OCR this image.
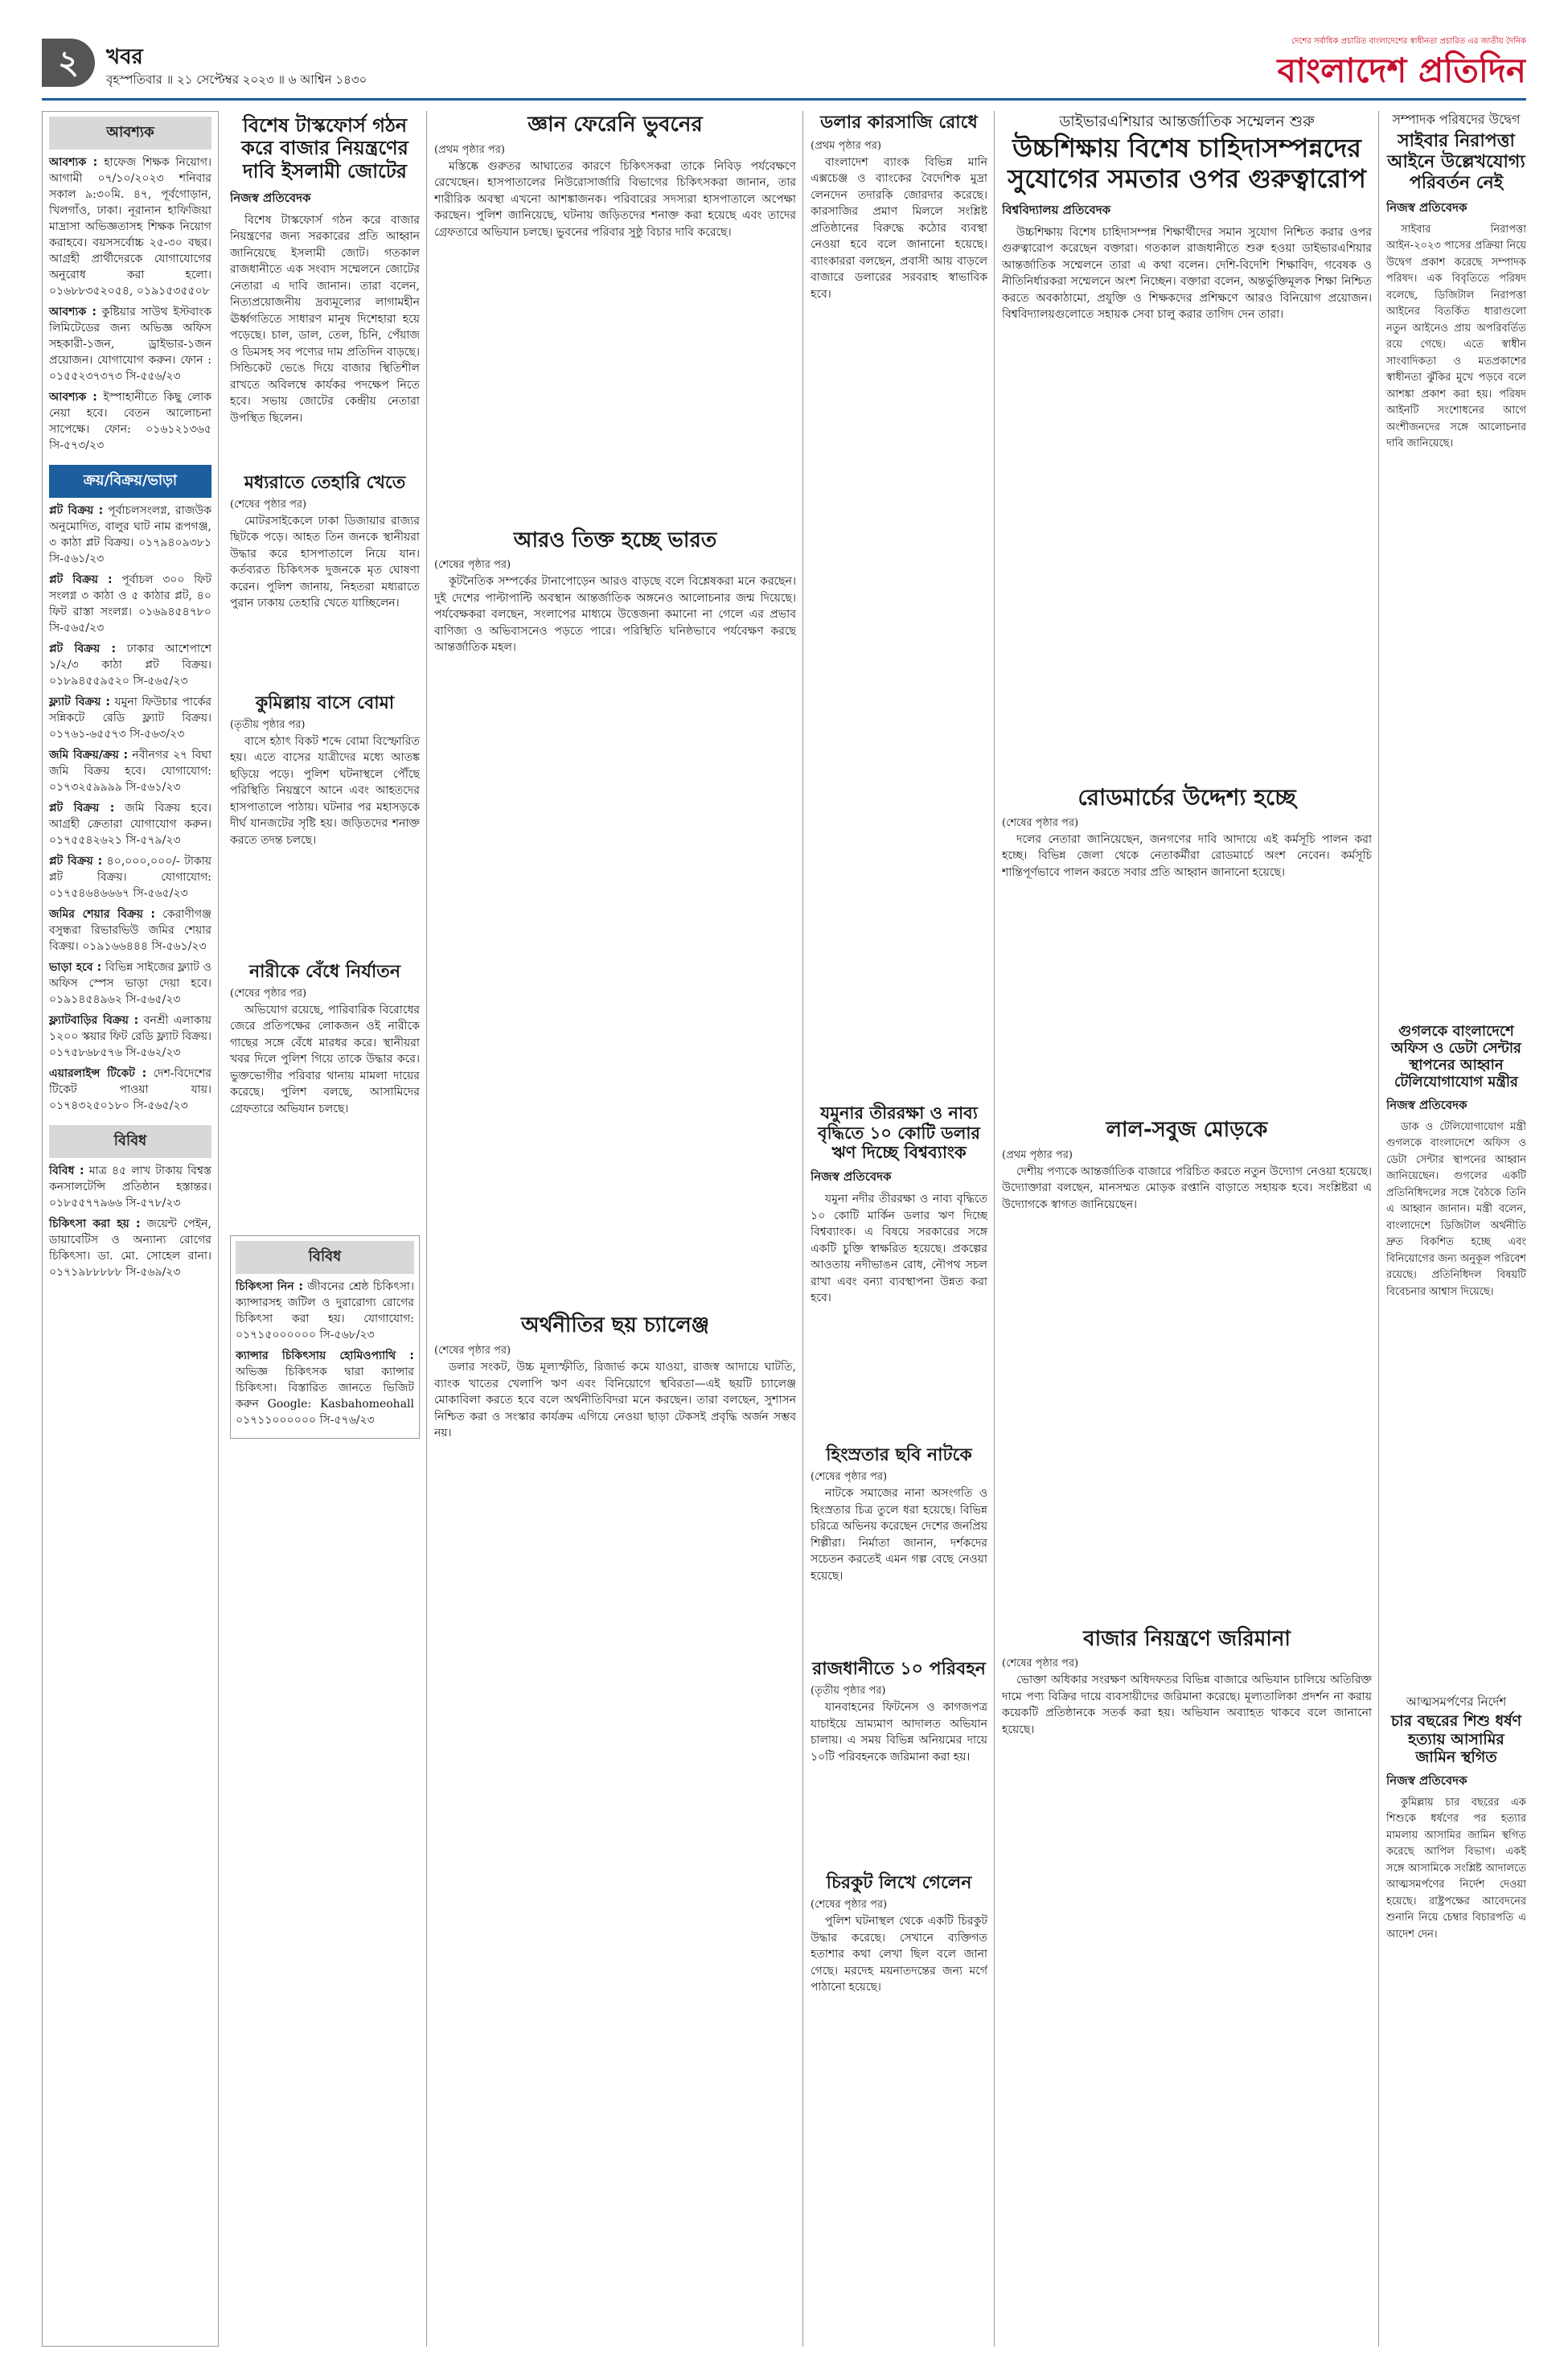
২	খবর
বৃহস্পতিবার ॥ ২১ সেপ্টেম্বর ২০২৩ ॥ ৬ আশ্বিন ১৪৩০
দেশের সর্বাধিক প্রচারিত বাংলাদেশের স্বাধীনতা প্রচারিত এর জাতীয় দৈনিক
বাংলাদেশ প্রতিদিন
আবশ্যক

আবশ্যক : হাফেজ শিক্ষক নিয়োগ। আগামী ০৭/১০/২০২৩ শনিবার সকাল ৯:৩০মি. ৪৭, পূর্বগোড়ান, খিলগাঁও, ঢাকা। নূরানান হাফিজিয়া মাদ্রাসা অভিজ্ঞতাসহ শিক্ষক নিয়োগ করাহবে। বয়সসর্বোচ্চ ২৫-৩০ বছর। আগ্রহী প্রার্থীদেরকে যোগাযোগের অনুরোধ করা হলো। ০১৬৮৮৩৫২০৫৪, ০১৯১৫৩৫৫০৮

আবশ্যক : কুষ্টিয়ার সাউথ ইস্টবাংক লিমিটেডের জন্য অভিজ্ঞ অফিস সহকারী-১জন, ড্রাইভার-১জন প্রয়োজন। যোগাযোগ করুন। ফোন : ০১৫৫২৩৭৩৭৩ সি-৫৫৬/২৩

আবশ্যক : ইস্পাহানীতে কিছু লোক নেয়া হবে। বেতন আলোচনা সাপেক্ষে। ফোন: ০১৬১২১৩৬৫ সি-৫৭৩/২৩

ক্রয়/বিক্রয়/ভাড়া

প্লট বিক্রয় : পূর্বাচলসংলগ্ন, রাজউক অনুমোদিত, বালুর ঘাট নাম রূপগঞ্জ, ৩ কাঠা প্লট বিক্রয়। ০১৭৯৪০৯৩৮১ সি-৫৬১/২৩

প্লট বিক্রয় : পূর্বাচল ৩০০ ফিট সংলগ্ন ৩ কাঠা ও ৫ কাঠার প্লট, ৪০ ফিট রাস্তা সংলগ্ন। ০১৬৯৪৫৪৭৮০ সি-৫৬৫/২৩

প্লট বিক্রয় : ঢাকার আশেপাশে ১/২/৩ কাঠা প্লট বিক্রয়। ০১৮৯৪৫৫৯৫২০ সি-৫৬৫/২৩

ফ্ল্যাট বিক্রয় : যমুনা ফিউচার পার্কের সন্নিকটে রেডি ফ্ল্যাট বিক্রয়। ০১৭৬১-৬৫৫৭৩ সি-৫৬৩/২৩

জমি বিক্রয়/ক্রয় : নবীনগর ২৭ বিঘা জমি বিক্রয় হবে। যোগাযোগ: ০১৭৩২৫৯৯৯৯ সি-৫৬১/২৩

প্লট বিক্রয় : জমি বিক্রয় হবে। আগ্রহী ক্রেতারা যোগাযোগ করুন। ০১৭৫৫৪২৬২১ সি-৫৭৯/২৩

প্লট বিক্রয় : ৪০,০০০,০০০/- টাকায় প্লট বিক্রয়। যোগাযোগ: ০১৭৫৪৬৪৬৬৬৭ সি-৫৬৫/২৩

জমির শেয়ার বিক্রয় : কেরাণীগঞ্জ বসুন্ধরা রিভারভিউ জমির শেয়ার বিক্রয়। ০১৯১৬৬৪৪৪ সি-৫৬১/২৩

ভাড়া হবে : বিভিন্ন সাইজের ফ্ল্যাট ও অফিস স্পেস ভাড়া দেয়া হবে। ০১৯১৪৫৪৯৬২ সি-৫৬৫/২৩

ফ্ল্যাটবাড়ির বিক্রয় : বনশ্রী এলাকায় ১২০০ স্কয়ার ফিট রেডি ফ্ল্যাট বিক্রয়। ০১৭৫৮৬৮৫৭৬ সি-৫৬২/২৩

এয়ারলাইন্স টিকেট : দেশ-বিদেশের টিকেট পাওয়া যায়। ০১৭৪৩২৫০১৮০ সি-৫৬৫/২৩

বিবিধ

বিবিধ : মাত্র ৪৫ লাখ টাকায় বিশ্বস্ত কনসালটেন্সি প্রতিষ্ঠান হস্তান্তর। ০১৮৫৫৭৭৯৬৬ সি-৫৭৮/২৩

চিকিৎসা করা হয় : জয়েন্ট পেইন, ডায়াবেটিস ও অন্যান্য রোগের চিকিৎসা। ডা. মো. সোহেল রানা। ০১৭১৯৮৮৮৮৮ সি-৫৬৯/২৩

বিশেষ টাস্কফোর্স গঠন করে বাজার নিয়ন্ত্রণের দাবি ইসলামী জোটের
নিজস্ব প্রতিবেদক

বিশেষ টাস্কফোর্স গঠন করে বাজার নিয়ন্ত্রণের জন্য সরকারের প্রতি আহ্বান জানিয়েছে ইসলামী জোট। গতকাল রাজধানীতে এক সংবাদ সম্মেলনে জোটের নেতারা এ দাবি জানান। তারা বলেন, নিত্যপ্রয়োজনীয় দ্রব্যমূল্যের লাগামহীন ঊর্ধ্বগতিতে সাধারণ মানুষ দিশেহারা হয়ে পড়েছে। চাল, ডাল, তেল, চিনি, পেঁয়াজ ও ডিমসহ সব পণ্যের দাম প্রতিদিন বাড়ছে। সিন্ডিকেট ভেঙে দিয়ে বাজার স্থিতিশীল রাখতে অবিলম্বে কার্যকর পদক্ষেপ নিতে হবে। সভায় জোটের কেন্দ্রীয় নেতারা উপস্থিত ছিলেন।

মধ্যরাতে তেহারি খেতে
(শেষের পৃষ্ঠার পর)

মোটরসাইকেলে ঢাকা ডিজায়ার রাজ্যর ছিটকে পড়ে। আহত তিন জনকে স্থানীয়রা উদ্ধার করে হাসপাতালে নিয়ে যান। কর্তব্যরত চিকিৎসক দুজনকে মৃত ঘোষণা করেন। পুলিশ জানায়, নিহতরা মধ্যরাতে পুরান ঢাকায় তেহারি খেতে যাচ্ছিলেন।

কুমিল্লায় বাসে বোমা
(তৃতীয় পৃষ্ঠার পর)

বাসে হঠাৎ বিকট শব্দে বোমা বিস্ফোরিত হয়। এতে বাসের যাত্রীদের মধ্যে আতঙ্ক ছড়িয়ে পড়ে। পুলিশ ঘটনাস্থলে পৌঁছে পরিস্থিতি নিয়ন্ত্রণে আনে এবং আহতদের হাসপাতালে পাঠায়। ঘটনার পর মহাসড়কে দীর্ঘ যানজটের সৃষ্টি হয়। জড়িতদের শনাক্ত করতে তদন্ত চলছে।

নারীকে বেঁধে নির্যাতন
(শেষের পৃষ্ঠার পর)

অভিযোগ রয়েছে, পারিবারিক বিরোধের জেরে প্রতিপক্ষের লোকজন ওই নারীকে গাছের সঙ্গে বেঁধে মারধর করে। স্থানীয়রা খবর দিলে পুলিশ গিয়ে তাকে উদ্ধার করে। ভুক্তভোগীর পরিবার থানায় মামলা দায়ের করেছে। পুলিশ বলছে, আসামিদের গ্রেফতারে অভিযান চলছে।

বিবিধ

চিকিৎসা নিন : জীবনের শ্রেষ্ঠ চিকিৎসা। ক্যান্সারসহ জটিল ও দুরারোগ্য রোগের চিকিৎসা করা হয়। যোগাযোগ: ০১৭১৫০০০০০০ সি-৫৬৮/২৩

ক্যান্সার চিকিৎসায় হোমিওপ্যাথি : অভিজ্ঞ চিকিৎসক দ্বারা ক্যান্সার চিকিৎসা। বিস্তারিত জানতে ভিজিট করুন Google: Kasbahomeohall ০১৭১১০০০০০০ সি-৫৭৬/২৩

জ্ঞান ফেরেনি ভুবনের
(প্রথম পৃষ্ঠার পর)

মস্তিষ্কে গুরুতর আঘাতের কারণে চিকিৎসকরা তাকে নিবিড় পর্যবেক্ষণে রেখেছেন। হাসপাতালের নিউরোসার্জারি বিভাগের চিকিৎসকরা জানান, তার শারীরিক অবস্থা এখনো আশঙ্কাজনক। পরিবারের সদস্যরা হাসপাতালে অপেক্ষা করছেন। পুলিশ জানিয়েছে, ঘটনায় জড়িতদের শনাক্ত করা হয়েছে এবং তাদের গ্রেফতারে অভিযান চলছে। ভুবনের পরিবার সুষ্ঠু বিচার দাবি করেছে।

আরও তিক্ত হচ্ছে ভারত
(শেষের পৃষ্ঠার পর)

কূটনৈতিক সম্পর্কের টানাপোড়েন আরও বাড়ছে বলে বিশ্লেষকরা মনে করছেন। দুই দেশের পাল্টাপাল্টি অবস্থান আন্তর্জাতিক অঙ্গনেও আলোচনার জন্ম দিয়েছে। পর্যবেক্ষকরা বলছেন, সংলাপের মাধ্যমে উত্তেজনা কমানো না গেলে এর প্রভাব বাণিজ্য ও অভিবাসনেও পড়তে পারে। পরিস্থিতি ঘনিষ্ঠভাবে পর্যবেক্ষণ করছে আন্তর্জাতিক মহল।

অর্থনীতির ছয় চ্যালেঞ্জ
(শেষের পৃষ্ঠার পর)

ডলার সংকট, উচ্চ মূল্যস্ফীতি, রিজার্ভ কমে যাওয়া, রাজস্ব আদায়ে ঘাটতি, ব্যাংক খাতের খেলাপি ঋণ এবং বিনিয়োগে স্থবিরতা—এই ছয়টি চ্যালেঞ্জ মোকাবিলা করতে হবে বলে অর্থনীতিবিদরা মনে করছেন। তারা বলছেন, সুশাসন নিশ্চিত করা ও সংস্কার কার্যক্রম এগিয়ে নেওয়া ছাড়া টেকসই প্রবৃদ্ধি অর্জন সম্ভব নয়।

ডলার কারসাজি রোধে
(প্রথম পৃষ্ঠার পর)

বাংলাদেশ ব্যাংক বিভিন্ন মানি এক্সচেঞ্জ ও ব্যাংকের বৈদেশিক মুদ্রা লেনদেন তদারকি জোরদার করেছে। কারসাজির প্রমাণ মিললে সংশ্লিষ্ট প্রতিষ্ঠানের বিরুদ্ধে কঠোর ব্যবস্থা নেওয়া হবে বলে জানানো হয়েছে। ব্যাংকাররা বলছেন, প্রবাসী আয় বাড়লে বাজারে ডলারের সরবরাহ স্বাভাবিক হবে।

যমুনার তীররক্ষা ও নাব্য বৃদ্ধিতে ১০ কোটি ডলার ঋণ দিচ্ছে বিশ্বব্যাংক
নিজস্ব প্রতিবেদক

যমুনা নদীর তীররক্ষা ও নাব্য বৃদ্ধিতে ১০ কোটি মার্কিন ডলার ঋণ দিচ্ছে বিশ্বব্যাংক। এ বিষয়ে সরকারের সঙ্গে একটি চুক্তি স্বাক্ষরিত হয়েছে। প্রকল্পের আওতায় নদীভাঙন রোধ, নৌপথ সচল রাখা এবং বন্যা ব্যবস্থাপনা উন্নত করা হবে।

হিংস্রতার ছবি নাটকে
(শেষের পৃষ্ঠার পর)

নাটকে সমাজের নানা অসংগতি ও হিংস্রতার চিত্র তুলে ধরা হয়েছে। বিভিন্ন চরিত্রে অভিনয় করেছেন দেশের জনপ্রিয় শিল্পীরা। নির্মাতা জানান, দর্শকদের সচেতন করতেই এমন গল্প বেছে নেওয়া হয়েছে।

রাজধানীতে ১০ পরিবহন
(তৃতীয় পৃষ্ঠার পর)

যানবাহনের ফিটনেস ও কাগজপত্র যাচাইয়ে ভ্রাম্যমাণ আদালত অভিযান চালায়। এ সময় বিভিন্ন অনিয়মের দায়ে ১০টি পরিবহনকে জরিমানা করা হয়।

চিরকুট লিখে গেলেন
(শেষের পৃষ্ঠার পর)

পুলিশ ঘটনাস্থল থেকে একটি চিরকুট উদ্ধার করেছে। সেখানে ব্যক্তিগত হতাশার কথা লেখা ছিল বলে জানা গেছে। মরদেহ ময়নাতদন্তের জন্য মর্গে পাঠানো হয়েছে।

ডাইভারএশিয়ার আন্তর্জাতিক সম্মেলন শুরু
উচ্চশিক্ষায় বিশেষ চাহিদাসম্পন্নদের সুযোগের সমতার ওপর গুরুত্বারোপ
বিশ্ববিদ্যালয় প্রতিবেদক

উচ্চশিক্ষায় বিশেষ চাহিদাসম্পন্ন শিক্ষার্থীদের সমান সুযোগ নিশ্চিত করার ওপর গুরুত্বারোপ করেছেন বক্তারা। গতকাল রাজধানীতে শুরু হওয়া ডাইভারএশিয়ার আন্তর্জাতিক সম্মেলনে তারা এ কথা বলেন। দেশি-বিদেশি শিক্ষাবিদ, গবেষক ও নীতিনির্ধারকরা সম্মেলনে অংশ নিচ্ছেন। বক্তারা বলেন, অন্তর্ভুক্তিমূলক শিক্ষা নিশ্চিত করতে অবকাঠামো, প্রযুক্তি ও শিক্ষকদের প্রশিক্ষণে আরও বিনিয়োগ প্রয়োজন। বিশ্ববিদ্যালয়গুলোতে সহায়ক সেবা চালু করার তাগিদ দেন তারা।

রোডমার্চের উদ্দেশ্য হচ্ছে
(শেষের পৃষ্ঠার পর)

দলের নেতারা জানিয়েছেন, জনগণের দাবি আদায়ে এই কর্মসূচি পালন করা হচ্ছে। বিভিন্ন জেলা থেকে নেতাকর্মীরা রোডমার্চে অংশ নেবেন। কর্মসূচি শান্তিপূর্ণভাবে পালন করতে সবার প্রতি আহ্বান জানানো হয়েছে।

লাল-সবুজ মোড়কে
(প্রথম পৃষ্ঠার পর)

দেশীয় পণ্যকে আন্তর্জাতিক বাজারে পরিচিত করতে নতুন উদ্যোগ নেওয়া হয়েছে। উদ্যোক্তারা বলছেন, মানসম্মত মোড়ক রপ্তানি বাড়াতে সহায়ক হবে। সংশ্লিষ্টরা এ উদ্যোগকে স্বাগত জানিয়েছেন।

বাজার নিয়ন্ত্রণে জরিমানা
(শেষের পৃষ্ঠার পর)

ভোক্তা অধিকার সংরক্ষণ অধিদফতর বিভিন্ন বাজারে অভিযান চালিয়ে অতিরিক্ত দামে পণ্য বিক্রির দায়ে ব্যবসায়ীদের জরিমানা করেছে। মূল্যতালিকা প্রদর্শন না করায় কয়েকটি প্রতিষ্ঠানকে সতর্ক করা হয়। অভিযান অব্যাহত থাকবে বলে জানানো হয়েছে।

সম্পাদক পরিষদের উদ্বেগ
সাইবার নিরাপত্তা আইনে উল্লেখযোগ্য পরিবর্তন নেই
নিজস্ব প্রতিবেদক

সাইবার নিরাপত্তা আইন-২০২৩ পাসের প্রক্রিয়া নিয়ে উদ্বেগ প্রকাশ করেছে সম্পাদক পরিষদ। এক বিবৃতিতে পরিষদ বলেছে, ডিজিটাল নিরাপত্তা আইনের বিতর্কিত ধারাগুলো নতুন আইনেও প্রায় অপরিবর্তিত রয়ে গেছে। এতে স্বাধীন সাংবাদিকতা ও মতপ্রকাশের স্বাধীনতা ঝুঁকির মুখে পড়বে বলে আশঙ্কা প্রকাশ করা হয়। পরিষদ আইনটি সংশোধনের আগে অংশীজনদের সঙ্গে আলোচনার দাবি জানিয়েছে।

গুগলকে বাংলাদেশে অফিস ও ডেটা সেন্টার স্থাপনের আহ্বান টেলিযোগাযোগ মন্ত্রীর
নিজস্ব প্রতিবেদক

ডাক ও টেলিযোগাযোগ মন্ত্রী গুগলকে বাংলাদেশে অফিস ও ডেটা সেন্টার স্থাপনের আহ্বান জানিয়েছেন। গুগলের একটি প্রতিনিধিদলের সঙ্গে বৈঠকে তিনি এ আহ্বান জানান। মন্ত্রী বলেন, বাংলাদেশে ডিজিটাল অর্থনীতি দ্রুত বিকশিত হচ্ছে এবং বিনিয়োগের জন্য অনুকূল পরিবেশ রয়েছে। প্রতিনিধিদল বিষয়টি বিবেচনার আশ্বাস দিয়েছে।

আত্মসমর্পণের নির্দেশ
চার বছরের শিশু ধর্ষণ হত্যায় আসামির জামিন স্থগিত
নিজস্ব প্রতিবেদক

কুমিল্লায় চার বছরের এক শিশুকে ধর্ষণের পর হত্যার মামলায় আসামির জামিন স্থগিত করেছে আপিল বিভাগ। একই সঙ্গে আসামিকে সংশ্লিষ্ট আদালতে আত্মসমর্পণের নির্দেশ দেওয়া হয়েছে। রাষ্ট্রপক্ষের আবেদনের শুনানি নিয়ে চেম্বার বিচারপতি এ আদেশ দেন।
